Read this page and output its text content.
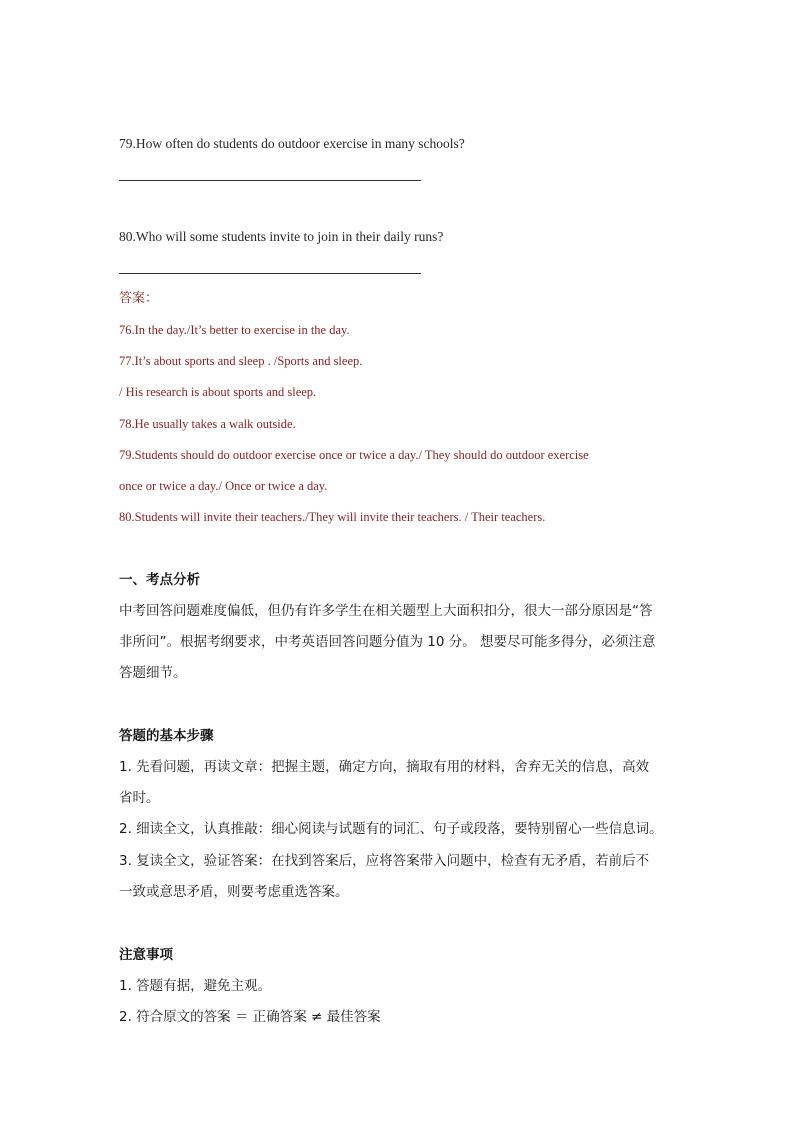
79.How often do students do outdoor exercise in many schools?
80.Who will some students invite to join in their daily runs?
答案：
76.In the day./It’s better to exercise in the day.
77.It’s about sports and sleep . /Sports and sleep.
/ His research is about sports and sleep.
78.He usually takes a walk outside.
79.Students should do outdoor exercise once or twice a day./ They should do outdoor exercise
once or twice a day./ Once or twice a day.
80.Students will invite their teachers./They will invite their teachers. / Their teachers.
一、考点分析
中考回答问题难度偏低，但仍有许多学生在相关题型上大面积扣分，很大一部分原因是“答
非所问”。根据考纲要求，中考英语回答问题分值为 10 分。 想要尽可能多得分，必须注意
答题细节。
答题的基本步骤
1. 先看问题，再读文章：把握主题，确定方向，摘取有用的材料，舍弃无关的信息，高效
省时。
2. 细读全文，认真推敲：细心阅读与试题有的词汇、句子或段落，要特别留心一些信息词。
3. 复读全文，验证答案：在找到答案后，应将答案带入问题中，检查有无矛盾，若前后不
一致或意思矛盾，则要考虑重选答案。
注意事项
1. 答题有据，避免主观。
2. 符合原文的答案 ＝ 正确答案 ≠ 最佳答案
